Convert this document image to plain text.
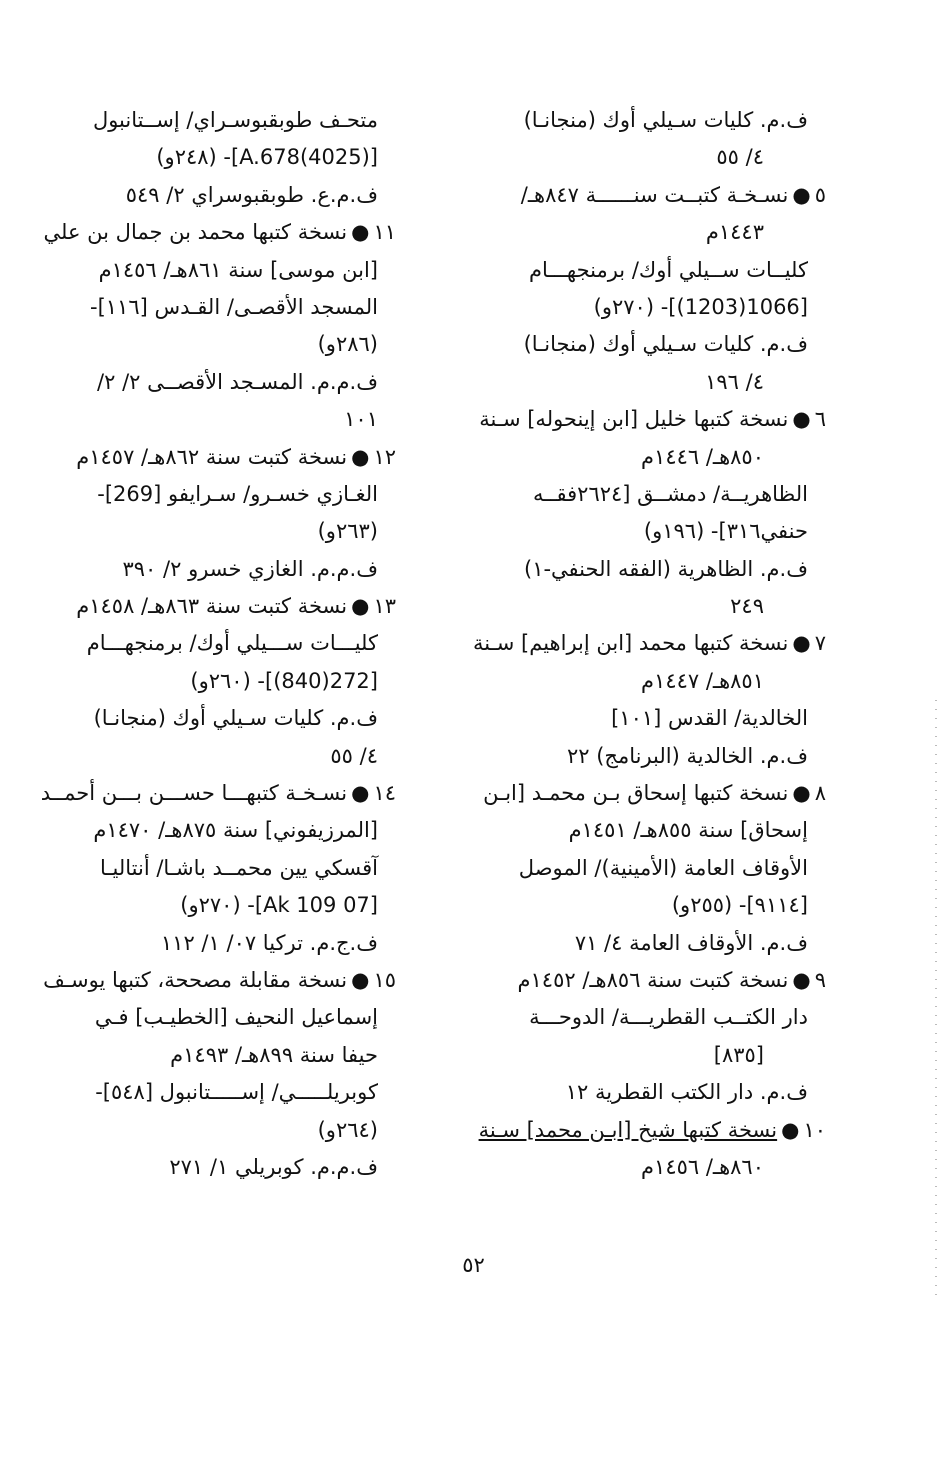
ف.م. كليات سـيلي أوك (منجانـا)
٤/ ٥٥
٥●نسـخـة كتبــت سنــــــة ٨٤٧هـ/
١٤٤٣م
كليــات ســيلي أوك/ برمنجهـــام
[1066(1203)]- (٢٧٠و)
ف.م. كليات سـيلي أوك (منجانـا)
٤/ ١٩٦
٦●نسخة كتبها خليل [ابن إينحوله] سـنة
٨٥٠هـ/ ١٤٤٦م
الظاهريــة/ دمشــق [٢٦٢٤فقــه
حنفي٣١٦]- (١٩٦و)
ف.م. الظاهرية (الفقه الحنفي-١)
٢٤٩
٧●نسخة كتبها محمد [ابن إبراهيم] سـنة
٨٥١هـ/ ١٤٤٧م
الخالدية/ القدس [١٠١]
ف.م. الخالدية (البرنامج) ٢٢
٨●نسخة كتبها إسحاق بـن محمـد [ابـن
إسحاق] سنة ٨٥٥هـ/ ١٤٥١م
الأوقاف العامة (الأمينية)/ الموصل
[٩١١٤]- (٢٥٥و)
ف.م. الأوقاف العامة ٤/ ٧١
٩●نسخة كتبت سنة ٨٥٦هـ/ ١٤٥٢م
دار الكتــب القطريـــة/ الدوحـــة
[٨٣٥]
ف.م. دار الكتب القطرية ١٢
١٠●نسخة كتبها شيخ [ابـن محمد] سـنة
٨٦٠هـ/ ١٤٥٦م
متحـف طوبقبوسـراي/ إســتانبول
[(4025)A.678]- (٢٤٨و)
ف.م.ع. طوبقبوسراي ٢/ ٥٤٩
١١●نسخة كتبها محمد بن جمال بن علي
[ابن موسى] سنة ٨٦١هـ/ ١٤٥٦م
المسجد الأقصـى/ القـدس [١١٦]-
(٢٨٦و)
ف.م.م. المسـجد الأقصــى ٢/ ٢/
١٠١
١٢●نسخة كتبت سنة ٨٦٢هـ/ ١٤٥٧م
الغـازي خسـرو/ سـرايفو [269]-
(٢٦٣و)
ف.م.م. الغازي خسرو ٢/ ٣٩٠
١٣●نسخة كتبت سنة ٨٦٣هـ/ ١٤٥٨م
كليـــات ســـيلي أوك/ برمنجهـــام
[272(840)]- (٢٦٠و)
ف.م. كليات سـيلي أوك (منجانـا)
٤/ ٥٥
١٤●نسـخـة كتبهـــا حســـن بـــن أحمــد
[المرزيفوني] سنة ٨٧٥هـ/ ١٤٧٠م
آقسكي يين محمــد باشـا/ أنتاليـا
[07 Ak 109]- (٢٧٠و)
ف.ج.م. تركيا ٠٧/ ١/ ١١٢
١٥●نسخة مقابلة مصححة، كتبها يوسـف
إسماعيل النحيف [الخطيـب] فـي
حيفا سنة ٨٩٩هـ/ ١٤٩٣م
كوبريلـــــي/ إســـــتانبول [٥٤٨]-
(٢٦٤و)
ف.م.م. كوبريلي ١/ ٢٧١
٥٢
